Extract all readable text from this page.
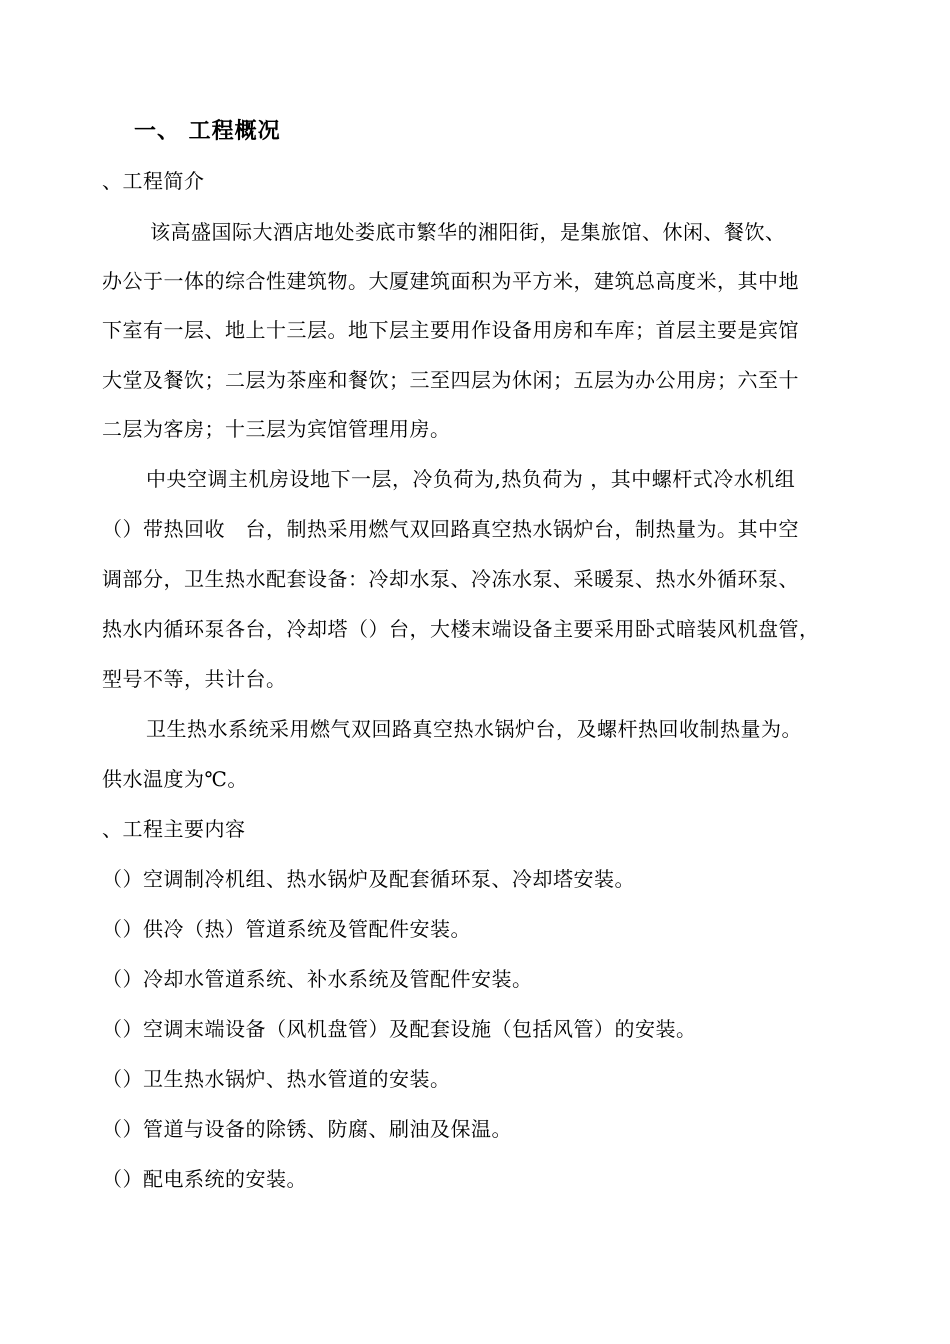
一、 工程概况
、工程简介
该高盛国际大酒店地处娄底市繁华的湘阳街，是集旅馆、休闲、餐饮、
办公于一体的综合性建筑物。大厦建筑面积为平方米，建筑总高度米，其中地
下室有一层、地上十三层。地下层主要用作设备用房和车库；首层主要是宾馆
大堂及餐饮；二层为茶座和餐饮；三至四层为休闲；五层为办公用房；六至十
二层为客房；十三层为宾馆管理用房。
中央空调主机房设地下一层，冷负荷为,热负荷为 ，其中螺杆式冷水机组
（）带热回收　台，制热采用燃气双回路真空热水锅炉台，制热量为。其中空
调部分，卫生热水配套设备：冷却水泵、冷冻水泵、采暖泵、热水外循环泵、
热水内循环泵各台，冷却塔（）台，大楼末端设备主要采用卧式暗装风机盘管，
型号不等，共计台。
卫生热水系统采用燃气双回路真空热水锅炉台，及螺杆热回收制热量为。
供水温度为℃。
、工程主要内容
（）空调制冷机组、热水锅炉及配套循环泵、冷却塔安装。
（）供冷（热）管道系统及管配件安装。
（）冷却水管道系统、补水系统及管配件安装。
（）空调末端设备（风机盘管）及配套设施（包括风管）的安装。
（）卫生热水锅炉、热水管道的安装。
（）管道与设备的除锈、防腐、刷油及保温。
（）配电系统的安装。
